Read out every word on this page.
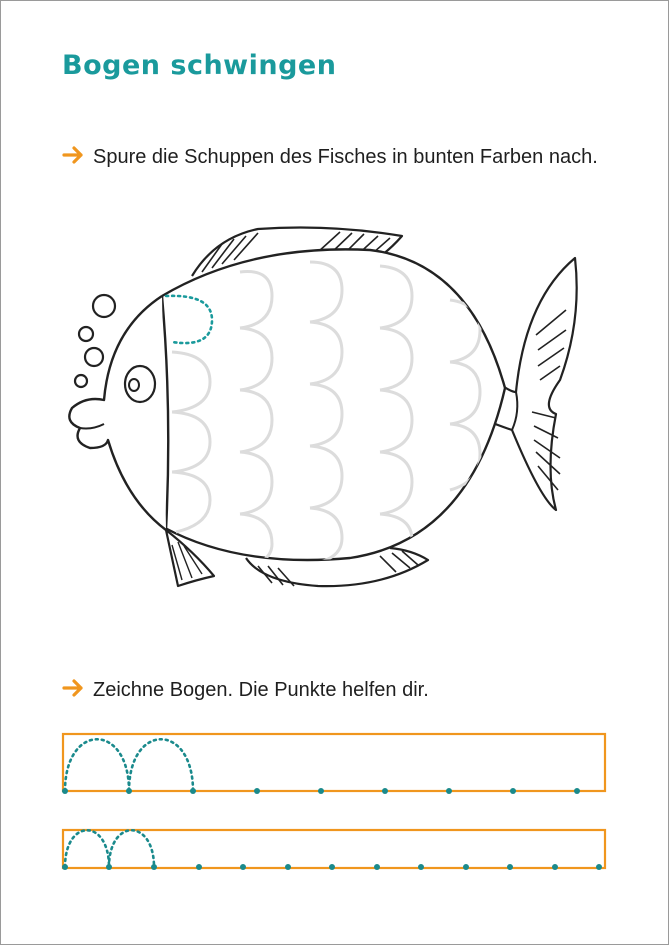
Bogen schwingen
Spure die Schuppen des Fisches in bunten Farben nach.
Zeichne Bogen. Die Punkte helfen dir.
